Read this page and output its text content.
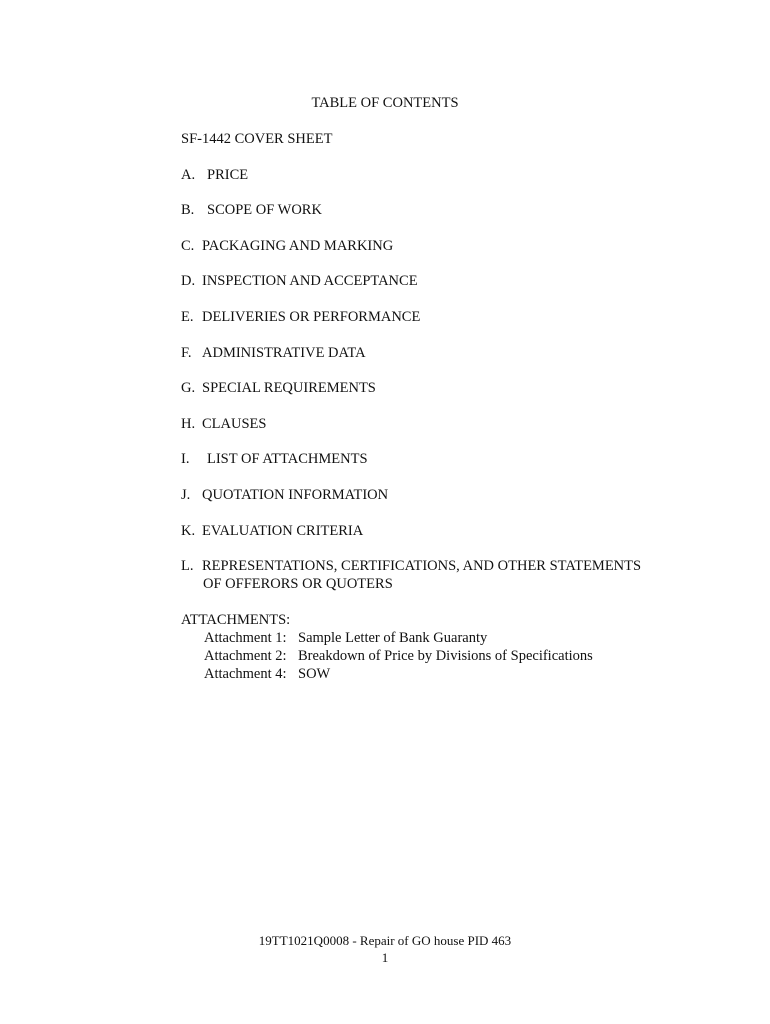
TABLE OF CONTENTS
SF-1442 COVER SHEET
A. PRICE
B. SCOPE OF WORK
C. PACKAGING AND MARKING
D. INSPECTION AND ACCEPTANCE
E. DELIVERIES OR PERFORMANCE
F. ADMINISTRATIVE DATA
G. SPECIAL REQUIREMENTS
H. CLAUSES
I. LIST OF ATTACHMENTS
J. QUOTATION INFORMATION
K. EVALUATION CRITERIA
L. REPRESENTATIONS, CERTIFICATIONS, AND OTHER STATEMENTS
OF OFFERORS OR QUOTERS
ATTACHMENTS:
Attachment 1: Sample Letter of Bank Guaranty
Attachment 2: Breakdown of Price by Divisions of Specifications
Attachment 4: SOW
19TT1021Q0008 - Repair of GO house PID 463
1
